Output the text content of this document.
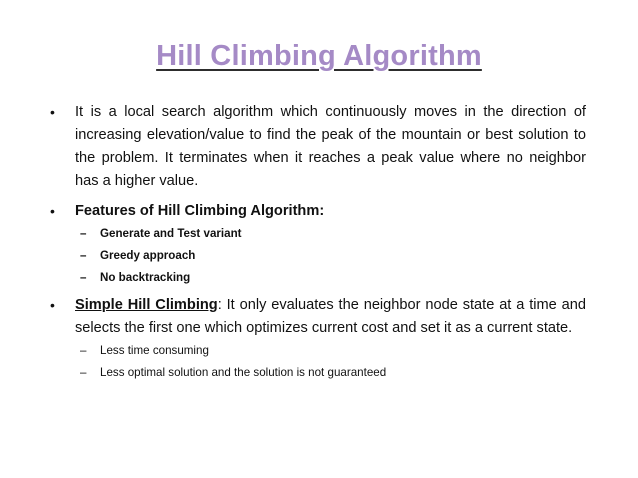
Hill Climbing Algorithm
• It is a local search algorithm which continuously moves in the direction of increasing elevation/value to find the peak of the mountain or best solution to the problem. It terminates when it reaches a peak value where no neighbor has a higher value.
• Features of Hill Climbing Algorithm:
– Generate and Test variant
– Greedy approach
– No backtracking
• Simple Hill Climbing: It only evaluates the neighbor node state at a time and selects the first one which optimizes current cost and set it as a current state.
– Less time consuming
– Less optimal solution and the solution is not guaranteed
